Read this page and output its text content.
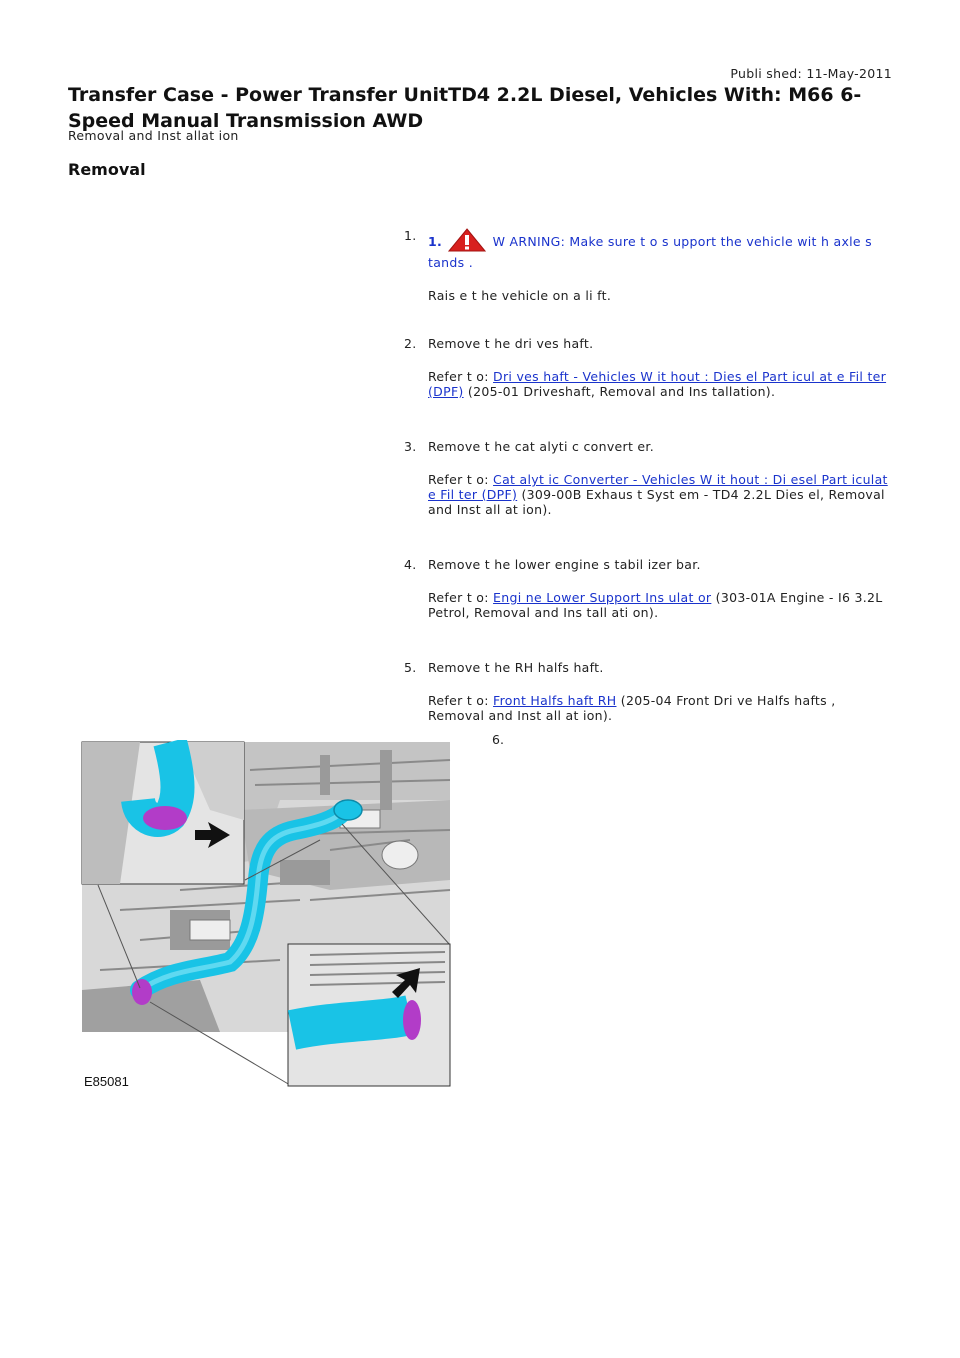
Publi shed: 11-May-2011
Transfer Case - Power Transfer UnitTD4 2.2L Diesel, Vehicles With: M66 6-Speed Manual Transmission AWD
Removal and Inst allat ion
Removal
1. 1.	W ARNING: Make sure t o s upport the vehicle wit h axle s tands .

Rais e t he vehicle on a li ft.

2. Remove t he dri ves haft.

Refer t o: Dri ves haft - Vehicles W it hout : Dies el Part icul at e Fil ter (DPF) (205-01 Driveshaft, Removal and Ins tallation).

3. Remove t he cat alyti c convert er.

Refer t o: Cat alyt ic Converter - Vehicles W it hout : Di esel Part iculat e Fil ter (DPF) (309-00B Exhaus t Syst em - TD4 2.2L Dies el, Removal and Inst all at ion).

4. Remove t he lower engine s tabil izer bar.

Refer t o: Engi ne Lower Support Ins ulat or (303-01A Engine - I6 3.2L Petrol, Removal and Ins tall ati on).

5. Remove t he RH halfs haft.

Refer t o: Front Halfs haft RH (205-04 Front Dri ve Halfs hafts , Removal and Inst all at ion).

6.
E85081
